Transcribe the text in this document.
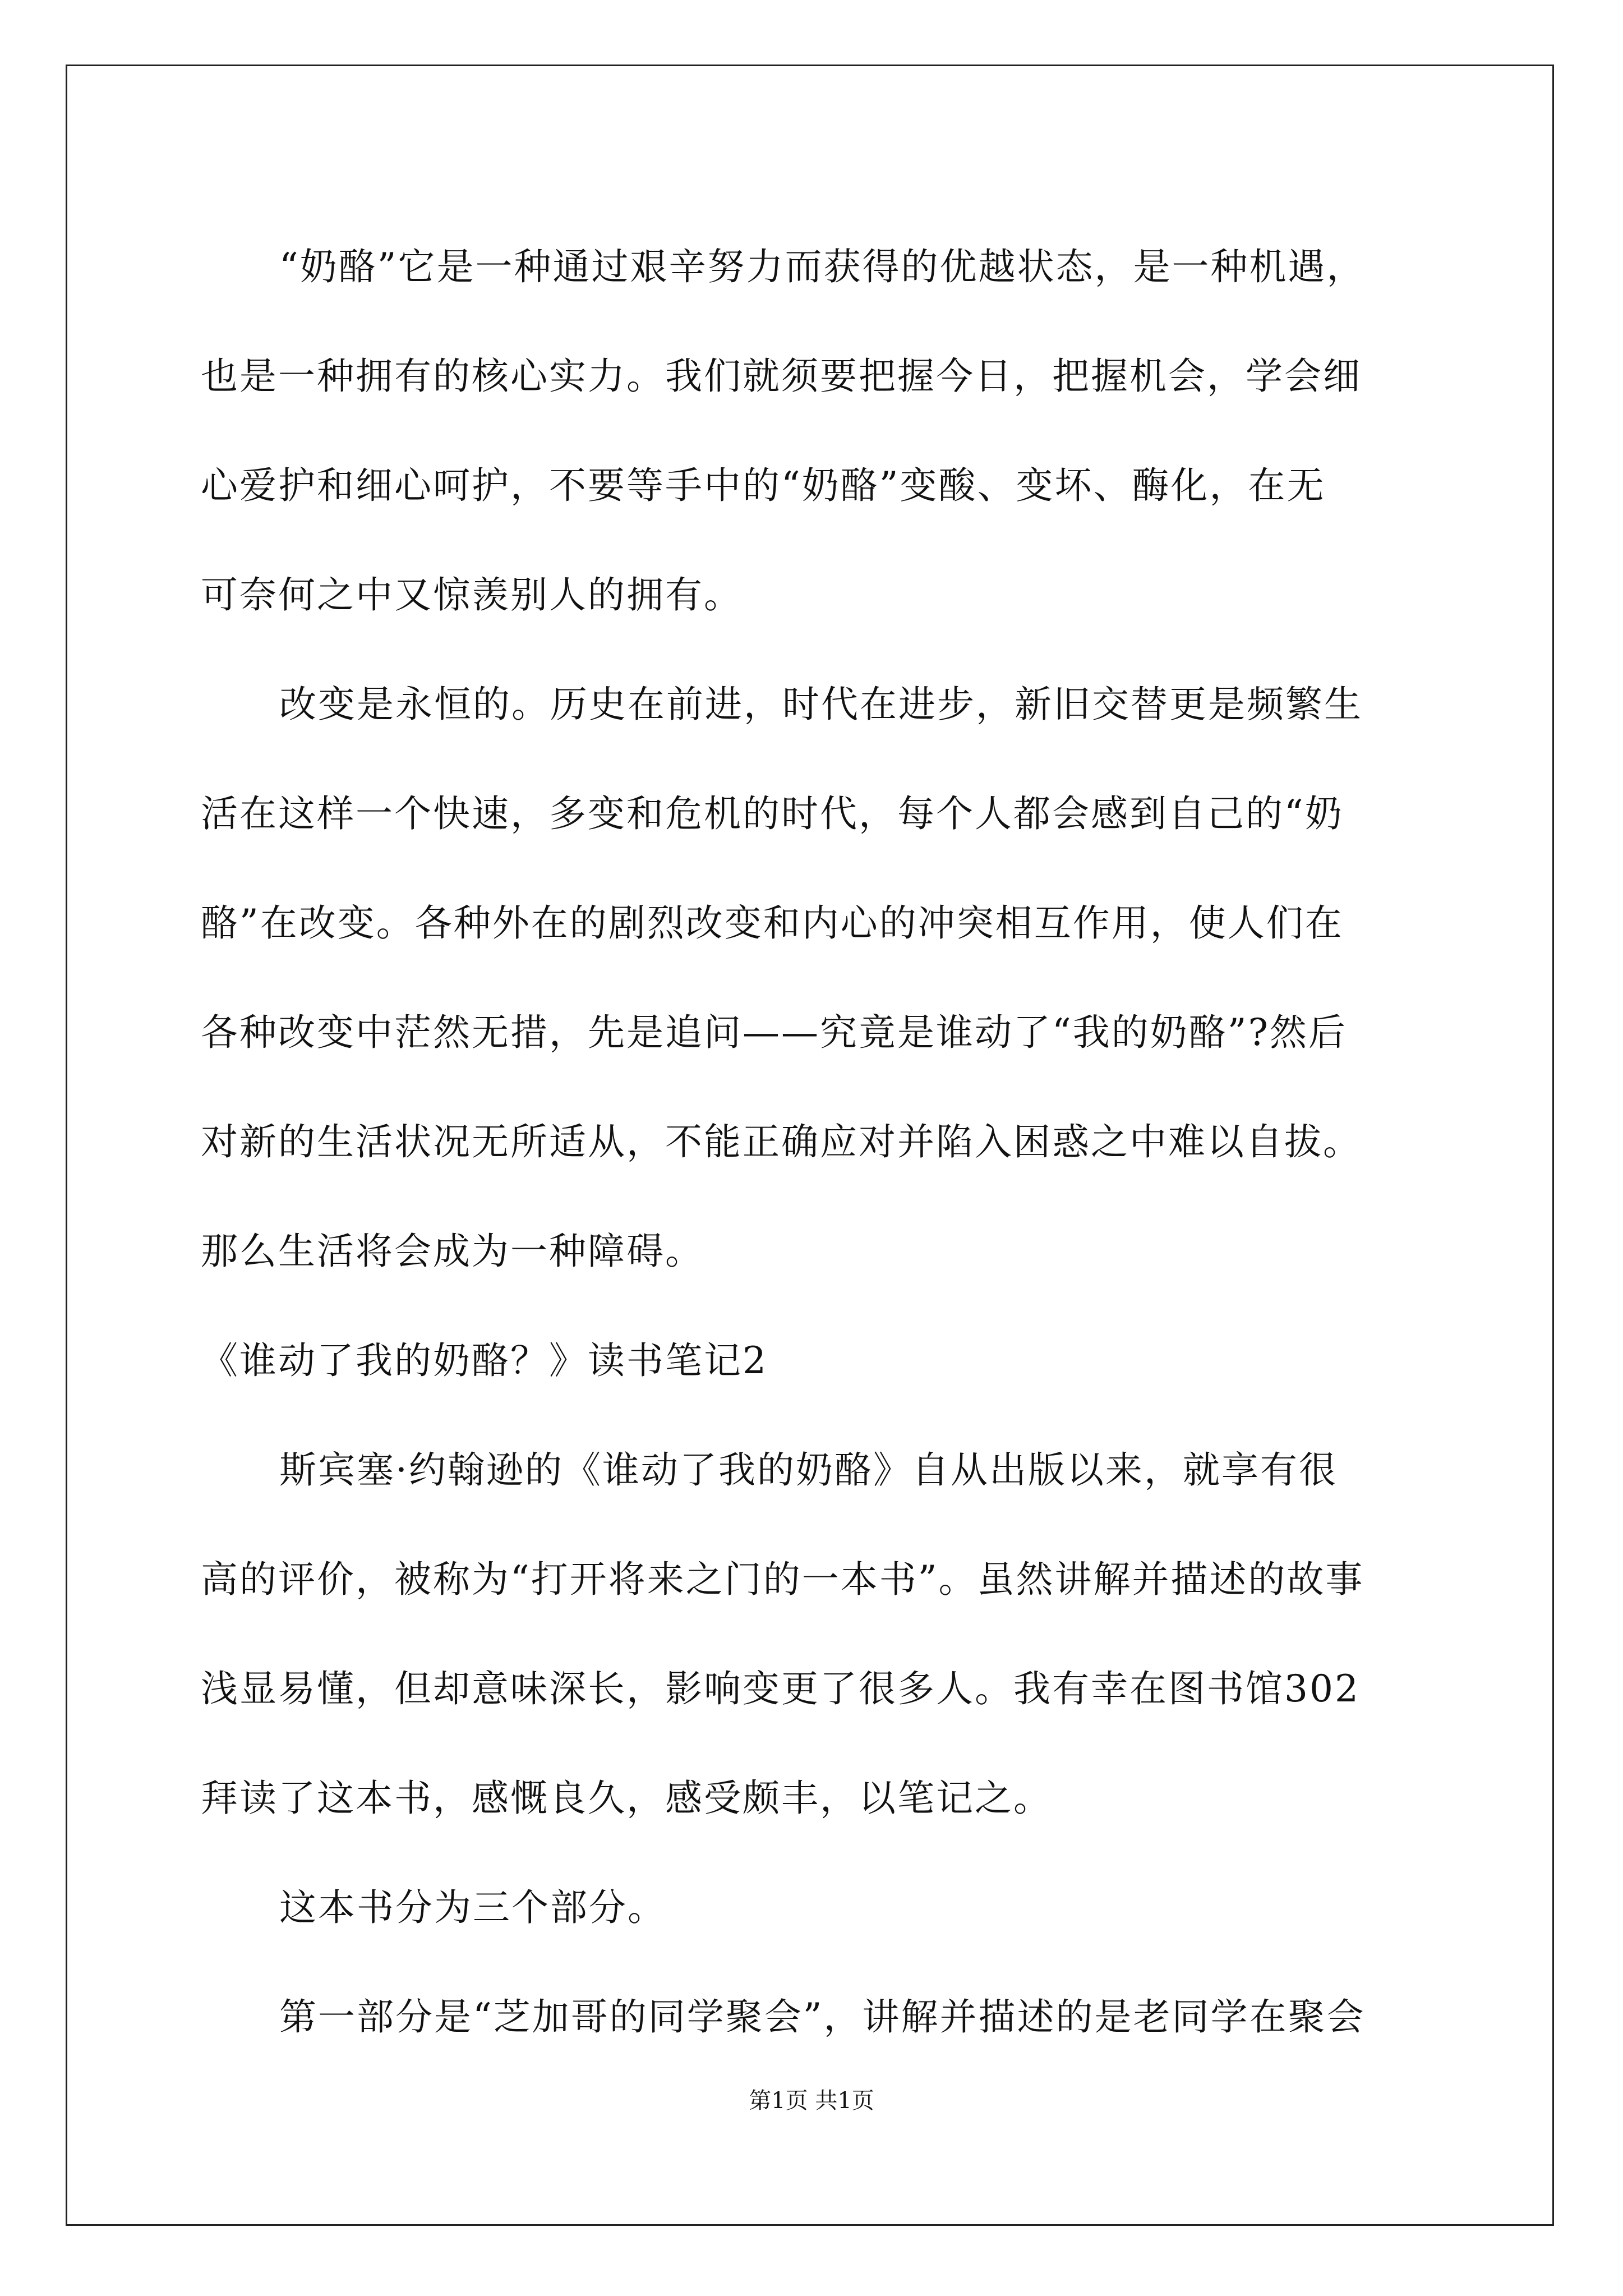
“奶酪”它是一种通过艰辛努力而获得的优越状态，是一种机遇，
也是一种拥有的核心实力。我们就须要把握今日，把握机会，学会细
心爱护和细心呵护，不要等手中的“奶酪”变酸、变坏、酶化，在无
可奈何之中又惊羡别人的拥有。
改变是永恒的。历史在前进，时代在进步，新旧交替更是频繁生
活在这样一个快速，多变和危机的时代，每个人都会感到自己的“奶
酪”在改变。各种外在的剧烈改变和内心的冲突相互作用，使人们在
各种改变中茫然无措，先是追问——究竟是谁动了“我的奶酪”?然后
对新的生活状况无所适从，不能正确应对并陷入困惑之中难以自拔。
那么生活将会成为一种障碍。
《谁动了我的奶酪？》读书笔记2
斯宾塞·约翰逊的《谁动了我的奶酪》自从出版以来，就享有很
高的评价，被称为“打开将来之门的一本书”。虽然讲解并描述的故事
浅显易懂，但却意味深长，影响变更了很多人。我有幸在图书馆302
拜读了这本书，感慨良久，感受颇丰，以笔记之。
这本书分为三个部分。
第一部分是“芝加哥的同学聚会”，讲解并描述的是老同学在聚会
第1页 共1页
